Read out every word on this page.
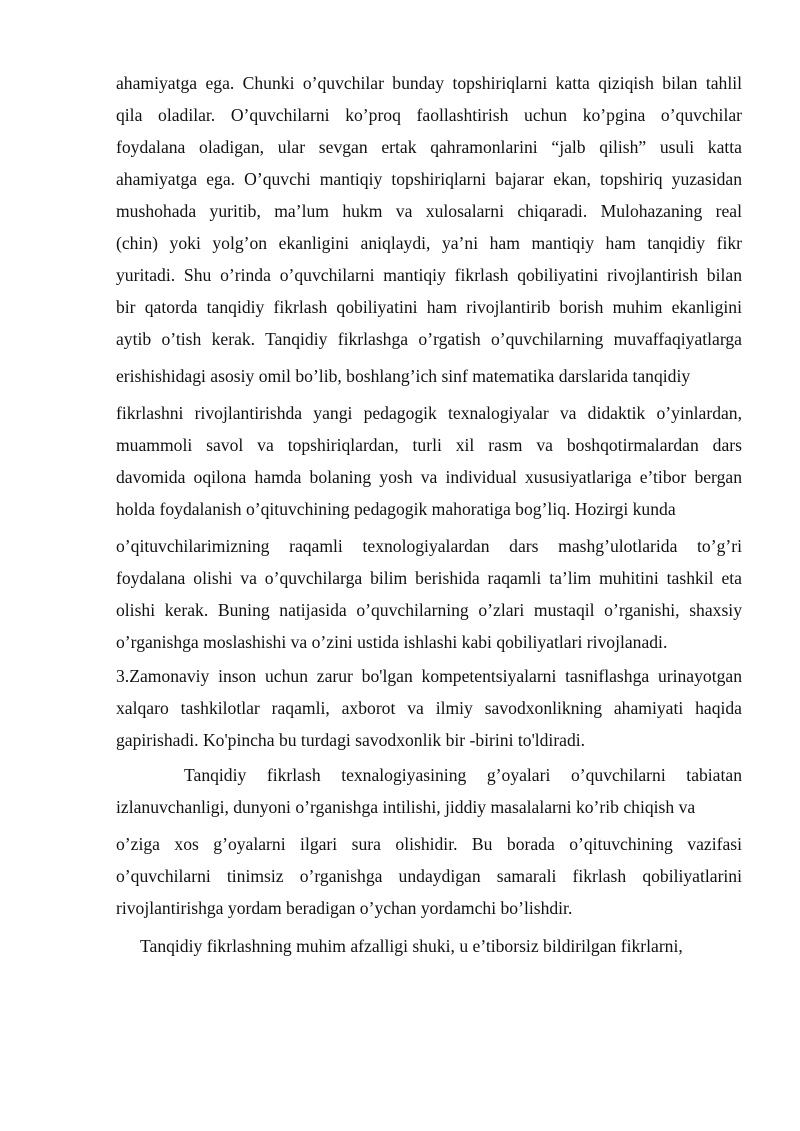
ahamiyatga ega. Chunki o’quvchilar bunday topshiriqlarni katta qiziqish bilan tahlil
qila oladilar. O’quvchilarni ko’proq faollashtirish uchun ko’pgina o’quvchilar
foydalana oladigan, ular sevgan ertak qahramonlarini “jalb qilish” usuli katta
ahamiyatga ega. O’quvchi mantiqiy topshiriqlarni bajarar ekan, topshiriq yuzasidan
mushohada yuritib, ma’lum hukm va xulosalarni chiqaradi. Mulohazaning real
(chin) yoki yolg’on ekanligini aniqlaydi, ya’ni ham mantiqiy ham tanqidiy fikr
yuritadi. Shu o’rinda o’quvchilarni mantiqiy fikrlash qobiliyatini rivojlantirish bilan
bir qatorda tanqidiy fikrlash qobiliyatini ham rivojlantirib borish muhim ekanligini
aytib o’tish kerak. Tanqidiy fikrlashga o’rgatish o’quvchilarning muvaffaqiyatlarga
erishishidagi asosiy omil bo’lib, boshlang’ich sinf matematika darslarida tanqidiy
fikrlashni rivojlantirishda yangi pedagogik texnalogiyalar va didaktik o’yinlardan,
muammoli savol va topshiriqlardan, turli xil rasm va boshqotirmalardan dars
davomida oqilona hamda bolaning yosh va individual xususiyatlariga e’tibor bergan
holda foydalanish o’qituvchining pedagogik mahoratiga bog’liq. Hozirgi kunda
o’qituvchilarimizning raqamli texnologiyalardan dars mashg’ulotlarida to’g’ri
foydalana olishi va o’quvchilarga bilim berishida raqamli ta’lim muhitini tashkil eta
olishi kerak. Buning natijasida o’quvchilarning o’zlari mustaqil o’rganishi, shaxsiy
o’rganishga moslashishi va o’zini ustida ishlashi kabi qobiliyatlari rivojlanadi.
3.Zamonaviy inson uchun zarur bo'lgan kompetentsiyalarni tasniflashga urinayotgan
xalqaro tashkilotlar raqamli, axborot va ilmiy savodxonlikning ahamiyati haqida
gapirishadi. Ko'pincha bu turdagi savodxonlik bir -birini to'ldiradi.
Tanqidiy fikrlash texnalogiyasining g’oyalari o’quvchilarni tabiatan
izlanuvchanligi, dunyoni o’rganishga intilishi, jiddiy masalalarni ko’rib chiqish va
o’ziga xos g’oyalarni ilgari sura olishidir. Bu borada o’qituvchining vazifasi
o’quvchilarni tinimsiz o’rganishga undaydigan samarali fikrlash qobiliyatlarini
rivojlantirishga yordam beradigan o’ychan yordamchi bo’lishdir.
Tanqidiy fikrlashning muhim afzalligi shuki, u e’tiborsiz bildirilgan fikrlarni,
